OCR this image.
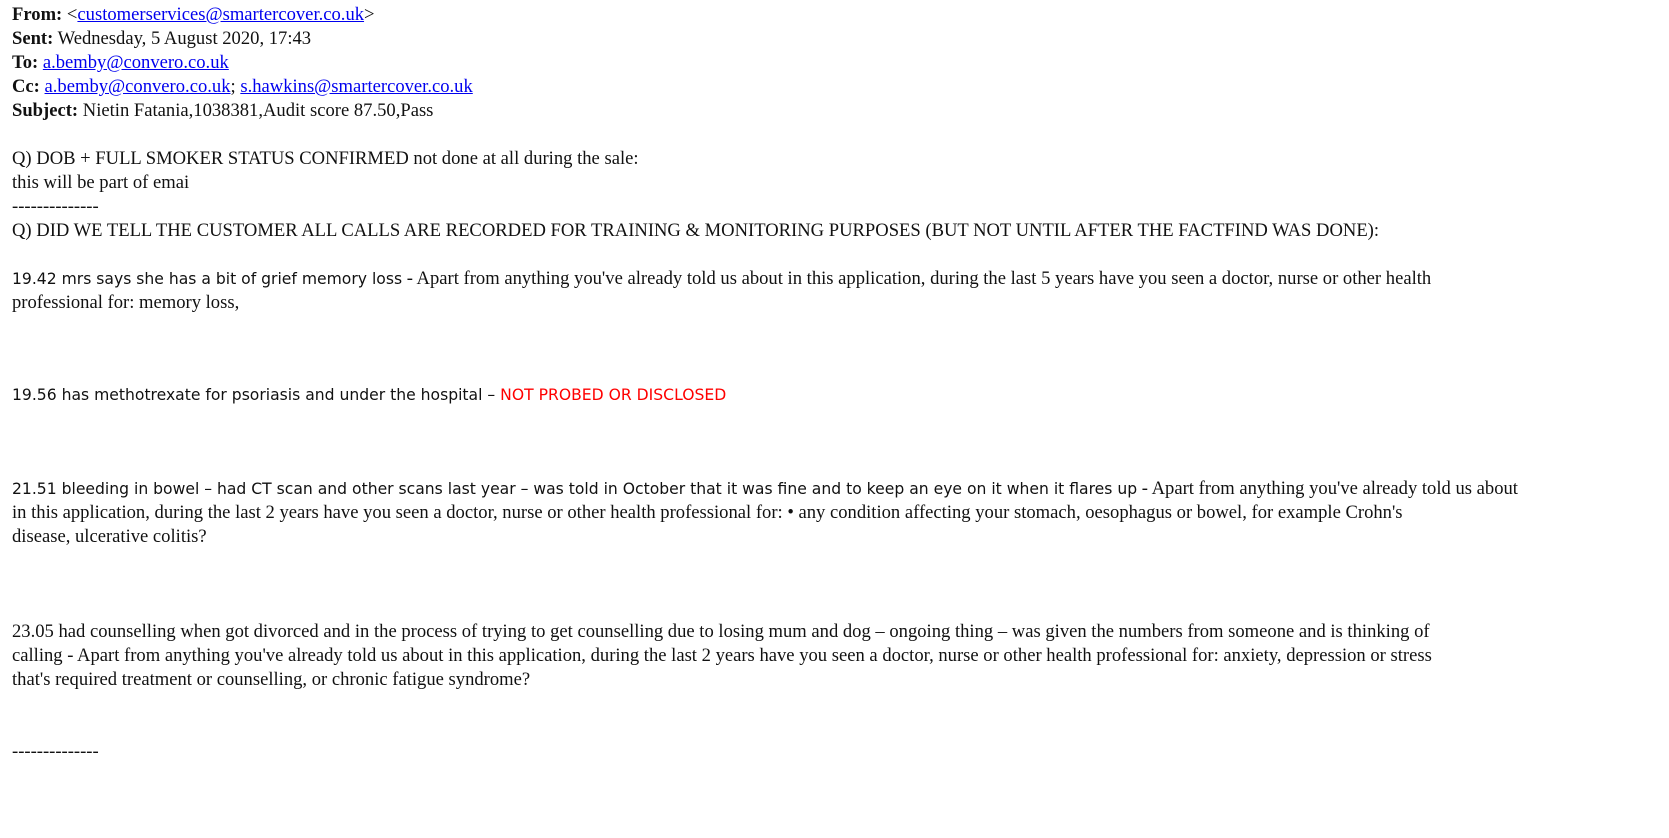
From: <customerservices@smartercover.co.uk>
Sent: Wednesday, 5 August 2020, 17:43
To: a.bemby@convero.co.uk
Cc: a.bemby@convero.co.uk; s.hawkins@smartercover.co.uk
Subject: Nietin Fatania,1038381,Audit score 87.50,Pass
Q) DOB + FULL SMOKER STATUS CONFIRMED not done at all during the sale:
this will be part of emai
--------------
Q) DID WE TELL THE CUSTOMER ALL CALLS ARE RECORDED FOR TRAINING & MONITORING PURPOSES (BUT NOT UNTIL AFTER THE FACTFIND WAS DONE):
19.42 mrs says she has a bit of grief memory loss - Apart from anything you've already told us about in this application, during the last 5 years have you seen a doctor, nurse or other health
professional for: memory loss,
19.56 has methotrexate for psoriasis and under the hospital – NOT PROBED OR DISCLOSED
21.51 bleeding in bowel – had CT scan and other scans last year – was told in October that it was fine and to keep an eye on it when it flares up - Apart from anything you've already told us about
in this application, during the last 2 years have you seen a doctor, nurse or other health professional for: • any condition affecting your stomach, oesophagus or bowel, for example Crohn's
disease, ulcerative colitis?
23.05 had counselling when got divorced and in the process of trying to get counselling due to losing mum and dog – ongoing thing – was given the numbers from someone and is thinking of
calling - Apart from anything you've already told us about in this application, during the last 2 years have you seen a doctor, nurse or other health professional for: anxiety, depression or stress
that's required treatment or counselling, or chronic fatigue syndrome?
--------------
